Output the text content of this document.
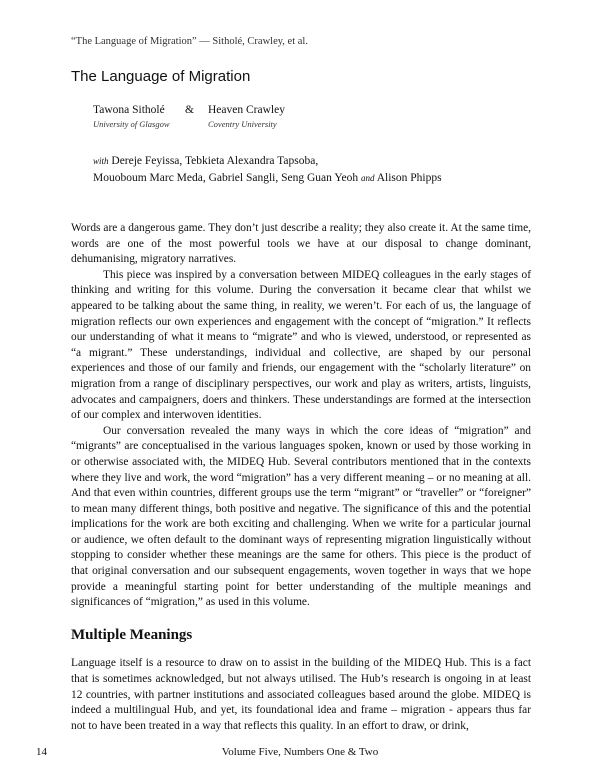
“The Language of Migration” — Sitholé, Crawley, et al.
The Language of Migration
Tawona Sitholé	&	Heaven Crawley
University of Glasgow	Coventry University
with Dereje Feyissa, Tebkieta Alexandra Tapsoba,
Mouoboum Marc Meda, Gabriel Sangli, Seng Guan Yeoh and Alison Phipps

Words are a dangerous game. They don’t just describe a reality; they also create it. At the same time, words are one of the most powerful tools we have at our disposal to change dominant, dehumanising, migratory narratives.

This piece was inspired by a conversation between MIDEQ colleagues in the early stages of thinking and writing for this volume. During the conversation it became clear that whilst we appeared to be talking about the same thing, in reality, we weren’t. For each of us, the language of migration reflects our own experiences and engagement with the concept of “migration.” It reflects our understanding of what it means to “migrate” and who is viewed, understood, or represented as “a migrant.” These understandings, individual and collective, are shaped by our personal experiences and those of our family and friends, our engagement with the “scholarly literature” on migration from a range of disciplinary perspectives, our work and play as writers, artists, linguists, advocates and campaigners, doers and thinkers. These understandings are formed at the intersection of our complex and interwoven identities.

Our conversation revealed the many ways in which the core ideas of “migration” and “migrants” are conceptualised in the various languages spoken, known or used by those working in or otherwise associated with, the MIDEQ Hub. Several contributors mentioned that in the contexts where they live and work, the word “migration” has a very different meaning – or no meaning at all. And that even within countries, different groups use the term “migrant” or “traveller” or “foreigner” to mean many different things, both positive and negative. The significance of this and the potential implications for the work are both exciting and challenging. When we write for a particular journal or audience, we often default to the dominant ways of representing migration linguistically without stopping to consider whether these meanings are the same for others. This piece is the product of that original conversation and our subsequent engagements, woven together in ways that we hope provide a meaningful starting point for better understanding of the multiple meanings and significances of “migration,” as used in this volume.

Multiple Meanings

Language itself is a resource to draw on to assist in the building of the MIDEQ Hub. This is a fact that is sometimes acknowledged, but not always utilised. The Hub’s research is ongoing in at least 12 countries, with partner institutions and associated colleagues based around the globe. MIDEQ is indeed a multilingual Hub, and yet, its foundational idea and frame – migration - appears thus far not to have been treated in a way that reflects this quality. In an effort to draw, or drink,

14	Volume Five, Numbers One & Two
